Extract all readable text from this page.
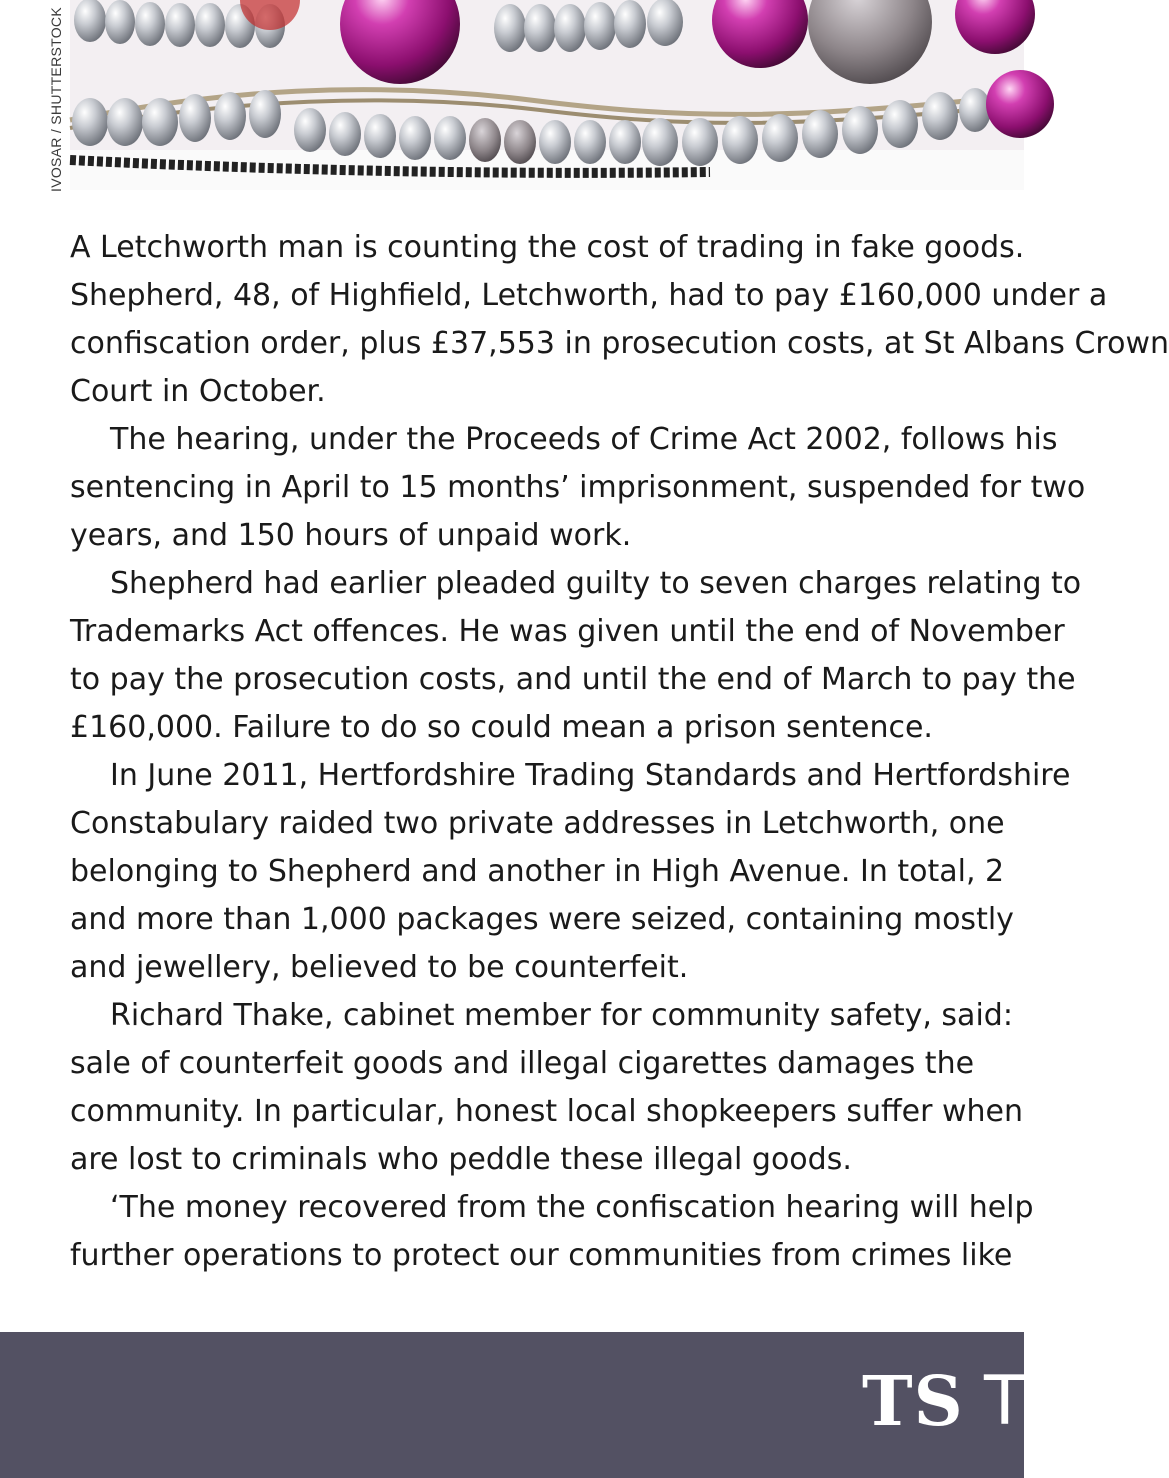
IVOSAR / SHUTTERSTOCK
A Letchworth man is counting the cost of trading in fake goods.
Shepherd, 48, of Highfield, Letchworth, had to pay £160,000 under a
confiscation order, plus £37,553 in prosecution costs, at St Albans Crown
Court in October.
The hearing, under the Proceeds of Crime Act 2002, follows his
sentencing in April to 15 months’ imprisonment, suspended for two
years, and 150 hours of unpaid work.
Shepherd had earlier pleaded guilty to seven charges relating to
Trademarks Act offences. He was given until the end of November
to pay the prosecution costs, and until the end of March to pay the
£160,000. Failure to do so could mean a prison sentence.
In June 2011, Hertfordshire Trading Standards and Hertfordshire
Constabulary raided two private addresses in Letchworth, one
belonging to Shepherd and another in High Avenue. In total, 2
and more than 1,000 packages were seized, containing mostly
and jewellery, believed to be counterfeit.
Richard Thake, cabinet member for community safety, said:
sale of counterfeit goods and illegal cigarettes damages the
community. In particular, honest local shopkeepers suffer when
are lost to criminals who peddle these illegal goods.
‘The money recovered from the confiscation hearing will help
further operations to protect our communities from crimes like
TS TO
